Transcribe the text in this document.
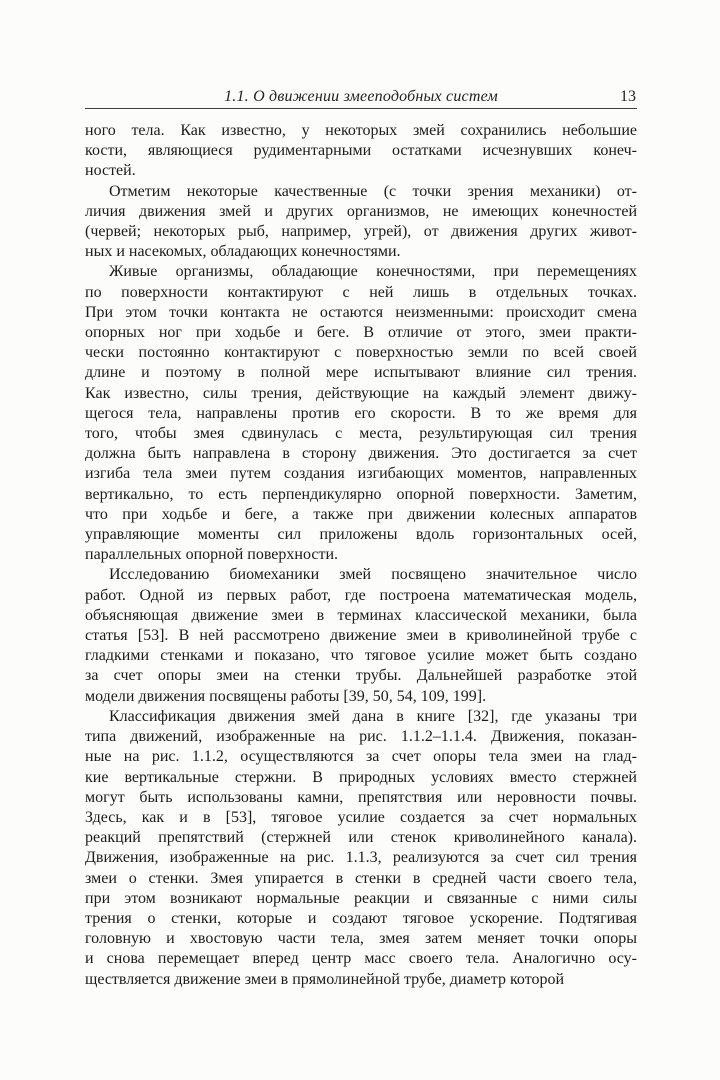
1.1. О движении змееподобных систем	13
ного тела. Как известно, у некоторых змей сохранились небольшие
кости, являющиеся рудиментарными остатками исчезнувших конеч-
ностей.
Отметим некоторые качественные (с точки зрения механики) от-
личия движения змей и других организмов, не имеющих конечностей
(червей; некоторых рыб, например, угрей), от движения других живот-
ных и насекомых, обладающих конечностями.
Живые организмы, обладающие конечностями, при перемещениях
по поверхности контактируют с ней лишь в отдельных точках.
При этом точки контакта не остаются неизменными: происходит смена
опорных ног при ходьбе и беге. В отличие от этого, змеи практи-
чески постоянно контактируют с поверхностью земли по всей своей
длине и поэтому в полной мере испытывают влияние сил трения.
Как известно, силы трения, действующие на каждый элемент движу-
щегося тела, направлены против его скорости. В то же время для
того, чтобы змея сдвинулась с места, результирующая сил трения
должна быть направлена в сторону движения. Это достигается за счет
изгиба тела змеи путем создания изгибающих моментов, направленных
вертикально, то есть перпендикулярно опорной поверхности. Заметим,
что при ходьбе и беге, а также при движении колесных аппаратов
управляющие моменты сил приложены вдоль горизонтальных осей,
параллельных опорной поверхности.
Исследованию биомеханики змей посвящено значительное число
работ. Одной из первых работ, где построена математическая модель,
объясняющая движение змеи в терминах классической механики, была
статья [53]. В ней рассмотрено движение змеи в криволинейной трубе с
гладкими стенками и показано, что тяговое усилие может быть создано
за счет опоры змеи на стенки трубы. Дальнейшей разработке этой
модели движения посвящены работы [39, 50, 54, 109, 199].
Классификация движения змей дана в книге [32], где указаны три
типа движений, изображенные на рис. 1.1.2–1.1.4. Движения, показан-
ные на рис. 1.1.2, осуществляются за счет опоры тела змеи на глад-
кие вертикальные стержни. В природных условиях вместо стержней
могут быть использованы камни, препятствия или неровности почвы.
Здесь, как и в [53], тяговое усилие создается за счет нормальных
реакций препятствий (стержней или стенок криволинейного канала).
Движения, изображенные на рис. 1.1.3, реализуются за счет сил трения
змеи о стенки. Змея упирается в стенки в средней части своего тела,
при этом возникают нормальные реакции и связанные с ними силы
трения о стенки, которые и создают тяговое ускорение. Подтягивая
головную и хвостовую части тела, змея затем меняет точки опоры
и снова перемещает вперед центр масс своего тела. Аналогично осу-
ществляется движение змеи в прямолинейной трубе, диаметр которой
